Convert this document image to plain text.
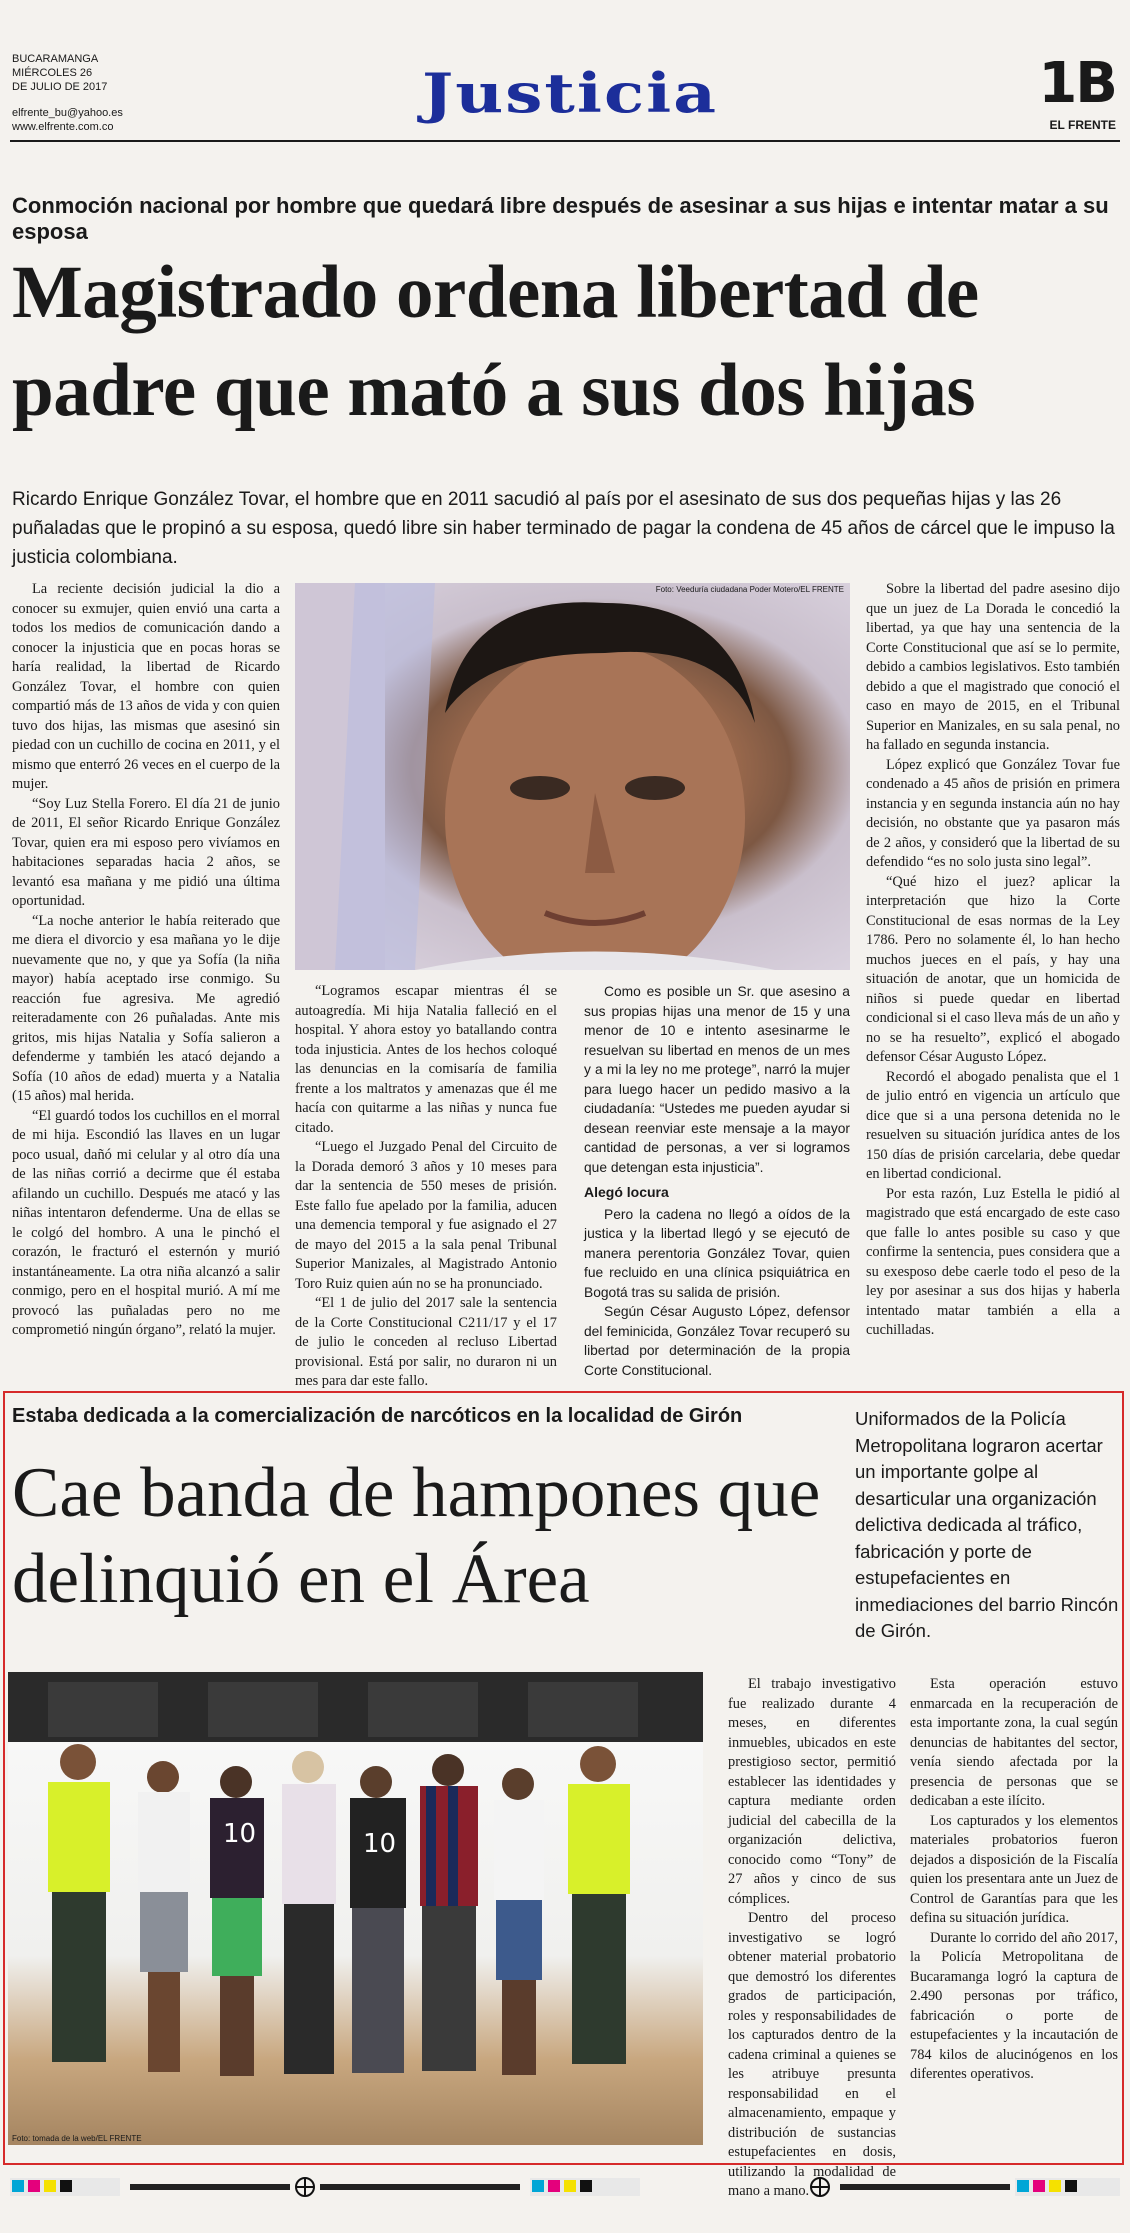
BUCARAMANGA
MIÉRCOLES 26
DE JULIO DE 2017
elfrente_bu@yahoo.es
www.elfrente.com.co
Justicia	1B
EL FRENTE
Conmoción nacional por hombre que quedará libre después de asesinar a sus hijas e intentar matar a su esposa
Magistrado ordena libertad de padre que mató a sus dos hijas
Ricardo Enrique González Tovar, el hombre que en 2011 sacudió al país por el asesinato de sus dos pequeñas hijas y las 26 puñaladas que le propinó a su esposa, quedó libre sin haber terminado de pagar la condena de 45 años de cárcel que le impuso la justicia colombiana.

La reciente decisión judicial la dio a conocer su exmujer, quien envió una carta a todos los medios de comunicación dando a conocer la injusticia que en pocas horas se haría realidad, la libertad de Ricardo González Tovar, el hombre con quien compartió más de 13 años de vida y con quien tuvo dos hijas, las mismas que asesinó sin piedad con un cuchillo de cocina en 2011, y el mismo que enterró 26 veces en el cuerpo de la mujer.

“Soy Luz Stella Forero. El día 21 de junio de 2011, El señor Ricardo Enrique González Tovar, quien era mi esposo pero vivíamos en habitaciones separadas hacia 2 años, se levantó esa mañana y me pidió una última oportunidad.

“La noche anterior le había reiterado que me diera el divorcio y esa mañana yo le dije nuevamente que no, y que ya Sofía (la niña mayor) había aceptado irse conmigo. Su reacción fue agresiva. Me agredió reiteradamente con 26 puñaladas. Ante mis gritos, mis hijas Natalia y Sofía salieron a defenderme y también les atacó dejando a Sofía (10 años de edad) muerta y a Natalia (15 años) mal herida.

“El guardó todos los cuchillos en el morral de mi hija. Escondió las llaves en un lugar poco usual, dañó mi celular y al otro día una de las niñas corrió a decirme que él estaba afilando un cuchillo. Después me atacó y las niñas intentaron defenderme. Una de ellas se le colgó del hombro. A una le pinchó el corazón, le fracturó el esternón y murió instantáneamente. La otra niña alcanzó a salir conmigo, pero en el hospital murió. A mí me provocó las puñaladas pero no me comprometió ningún órgano”, relató la mujer.

Foto: Veeduría ciudadana Poder Motero/EL FRENTE

“Logramos escapar mientras él se autoagredía. Mi hija Natalia falleció en el hospital. Y ahora estoy yo batallando contra toda injusticia. Antes de los hechos coloqué las denuncias en la comisaría de familia frente a los maltratos y amenazas que él me hacía con quitarme a las niñas y nunca fue citado.

“Luego el Juzgado Penal del Circuito de la Dorada demoró 3 años y 10 meses para dar la sentencia de 550 meses de prisión. Este fallo fue apelado por la familia, aducen una demencia temporal y fue asignado el 27 de mayo del 2015 a la sala penal Tribunal Superior Manizales, al Magistrado Antonio Toro Ruiz quien aún no se ha pronunciado.

“El 1 de julio del 2017 sale la sentencia de la Corte Constitucional C211/17 y el 17 de julio le conceden al recluso Libertad provisional. Está por salir, no duraron ni un mes para dar este fallo.

Como es posible un Sr. que asesino a sus propias hijas una menor de 15 y una menor de 10 e intento asesinarme le resuelvan su libertad en menos de un mes y a mi la ley no me protege”, narró la mujer para luego hacer un pedido masivo a la ciudadanía: “Ustedes me pueden ayudar si desean reenviar este mensaje a la mayor cantidad de personas, a ver si logramos que detengan esta injusticia”.

Alegó locura

Pero la cadena no llegó a oídos de la justica y la libertad llegó y se ejecutó de manera perentoria González Tovar, quien fue recluido en una clínica psiquiátrica en Bogotá tras su salida de prisión.

Según César Augusto López, defensor del feminicida, González Tovar recuperó su libertad por determinación de la propia Corte Constitucional.

Sobre la libertad del padre asesino dijo que un juez de La Dorada le concedió la libertad, ya que hay una sentencia de la Corte Constitucional que así se lo permite, debido a cambios legislativos. Esto también debido a que el magistrado que conoció el caso en mayo de 2015, en el Tribunal Superior en Manizales, en su sala penal, no ha fallado en segunda instancia.

López explicó que González Tovar fue condenado a 45 años de prisión en primera instancia y en segunda instancia aún no hay decisión, no obstante que ya pasaron más de 2 años, y consideró que la libertad de su defendido “es no solo justa sino legal”.

“Qué hizo el juez? aplicar la interpretación que hizo la Corte Constitucional de esas normas de la Ley 1786. Pero no solamente él, lo han hecho muchos jueces en el país, y hay una situación de anotar, que un homicida de niños si puede quedar en libertad condicional si el caso lleva más de un año y no se ha resuelto”, explicó el abogado defensor César Augusto López.

Recordó el abogado penalista que el 1 de julio entró en vigencia un artículo que dice que si a una persona detenida no le resuelven su situación jurídica antes de los 150 días de prisión carcelaria, debe quedar en libertad condicional.

Por esta razón, Luz Estella le pidió al magistrado que está encargado de este caso que falle lo antes posible su caso y que confirme la sentencia, pues considera que a su exesposo debe caerle todo el peso de la ley por asesinar a sus dos hijas y haberla intentado matar también a ella a cuchilladas.

Estaba dedicada a la comercialización de narcóticos en la localidad de Girón
Cae banda de hampones que delinquió en el Área
Uniformados de la Policía Metropolitana lograron acertar un importante golpe al desarticular una organización delictiva dedicada al tráfico, fabricación y porte de estupefacientes en inmediaciones del barrio Rincón de Girón.
10	10
Foto: tomada de la web/EL FRENTE

El trabajo investigativo fue realizado durante 4 meses, en diferentes inmuebles, ubicados en este prestigioso sector, permitió establecer las identidades y captura mediante orden judicial del cabecilla de la organización delictiva, conocido como “Tony” de 27 años y cinco de sus cómplices.

Dentro del proceso investigativo se logró obtener material probatorio que demostró los diferentes grados de participación, roles y responsabilidades de los capturados dentro de la cadena criminal a quienes se les atribuye presunta responsabilidad en el almacenamiento, empaque y distribución de sustancias estupefacientes en dosis, utilizando la modalidad de mano a mano.

Esta operación estuvo enmarcada en la recuperación de esta importante zona, la cual según denuncias de habitantes del sector, venía siendo afectada por la presencia de personas que se dedicaban a este ilícito.

Los capturados y los elementos materiales probatorios fueron dejados a disposición de la Fiscalía quien los presentara ante un Juez de Control de Garantías para que les defina su situación jurídica.

Durante lo corrido del año 2017, la Policía Metropolitana de Bucaramanga logró la captura de 2.490 personas por tráfico, fabricación o porte de estupefacientes y la incautación de 784 kilos de alucinógenos en los diferentes operativos.
